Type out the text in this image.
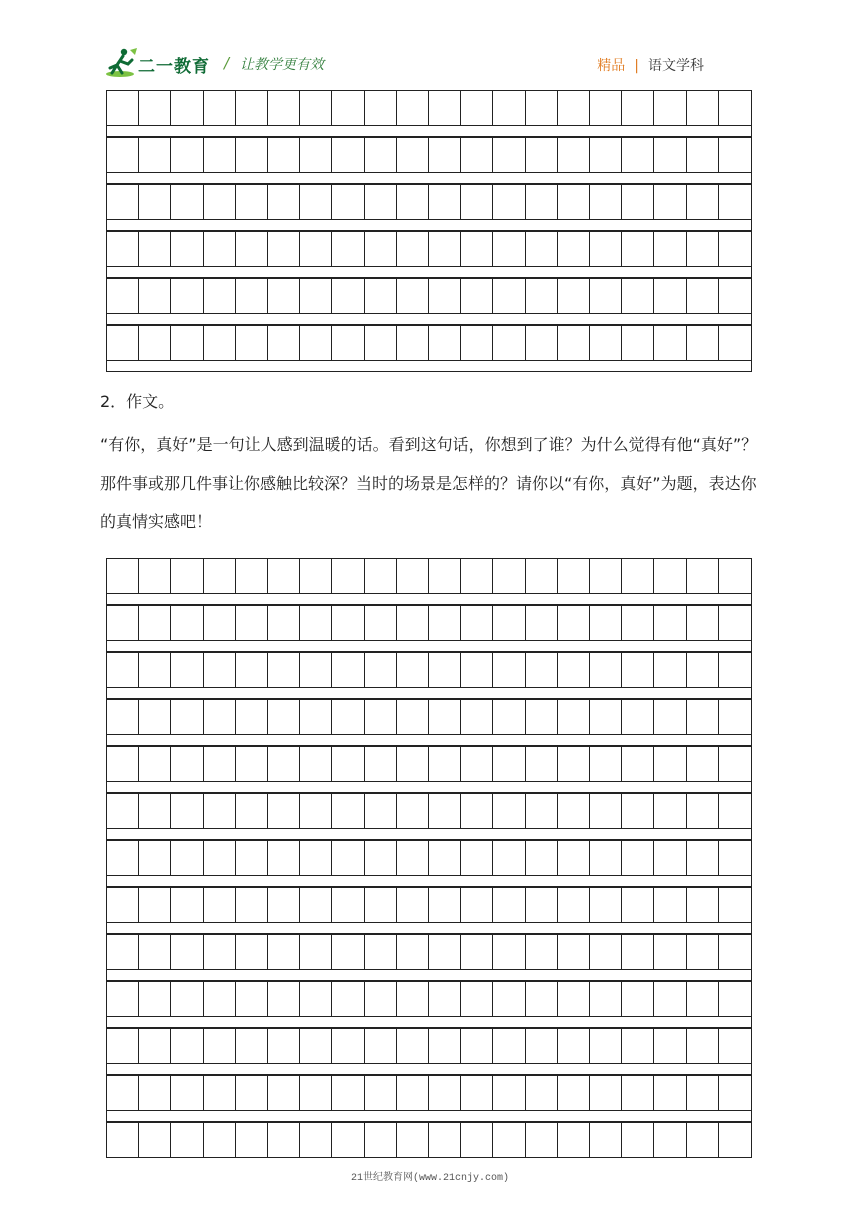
二一教育 / 让教学更有效	精品 | 语文学科
2．作文。
“有你，真好”是一句让人感到温暖的话。看到这句话，你想到了谁？为什么觉得有他“真好”？那件事或那几件事让你感触比较深？当时的场景是怎样的？请你以“有你，真好”为题，表达你的真情实感吧！
21世纪教育网(www.21cnjy.com)
